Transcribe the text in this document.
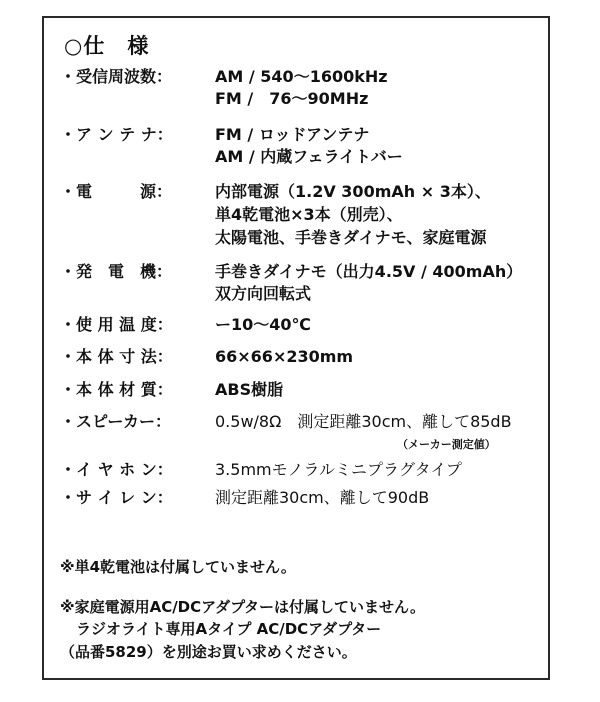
○仕　様
・受信周波数：	AM / 540〜1600kHz
FM /　76〜90MHz
・ア ン テ ナ：	FM / ロッドアンテナ
AM / 内蔵フェライトバー
・電　　　源：	内部電源（1.2V 300mAh × 3本）、
単4乾電池×3本（別売）、
太陽電池、手巻きダイナモ、家庭電源
・発　電　機：	手巻きダイナモ（出力4.5V / 400mAh）
双方向回転式
・使 用 温 度：	ー10〜40℃
・本 体 寸 法：	66×66×230mm
・本 体 材 質：	ABS樹脂
・スピーカー：	0.5w/8Ω　測定距離30cm、離して85dB
（メーカー測定値）
・イ ヤ ホ ン：	3.5mmモノラルミニプラグタイプ
・サ イ レ ン：	測定距離30cm、離して90dB
※単4乾電池は付属していません。
※家庭電源用AC/DCアダプターは付属していません。
ラジオライト専用Aタイプ AC/DCアダプター
（品番5829）を別途お買い求めください。
